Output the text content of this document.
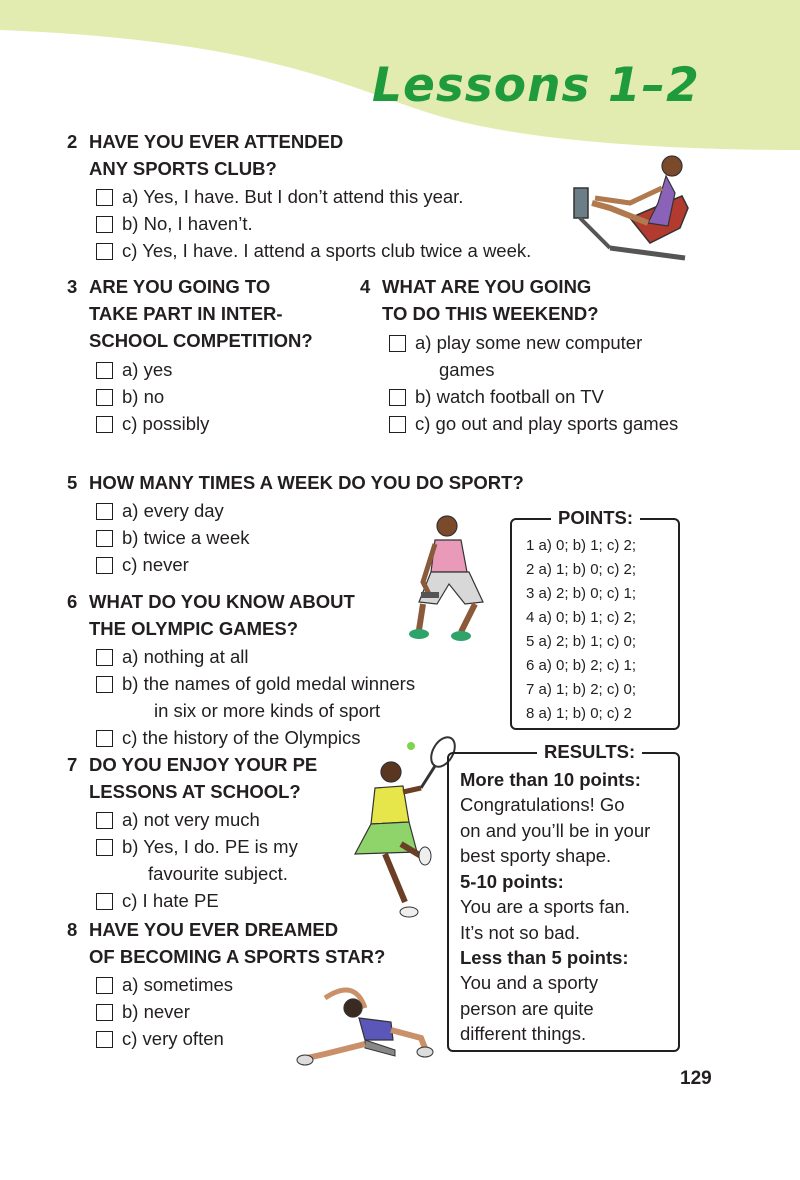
Lessons 1–2
2 HAVE YOU EVER ATTENDED
ANY SPORTS CLUB?
a) Yes, I have. But I don’t attend this year.
b) No, I haven’t.
c) Yes, I have. I attend a sports club twice a week.
3 ARE YOU GOING TO
TAKE PART IN INTER-
SCHOOL COMPETITION?
a) yes
b) no
c) possibly
4 WHAT ARE YOU GOING
TO DO THIS WEEKEND?
a) play some new computer
games
b) watch football on TV
c) go out and play sports games
5 HOW MANY TIMES A WEEK DO YOU DO SPORT?
a) every day
b) twice a week
c) never
6 WHAT DO YOU KNOW ABOUT
THE OLYMPIC GAMES?
a) nothing at all
b) the names of gold medal winners
in six or more kinds of sport
c) the history of the Olympics
7 DO YOU ENJOY YOUR PE
LESSONS AT SCHOOL?
a) not very much
b) Yes, I do. PE is my
favourite subject.
c) I hate PE
8 HAVE YOU EVER DREAMED
OF BECOMING A SPORTS STAR?
a) sometimes
b) never
c) very often
POINTS:
1 a) 0; b) 1; c) 2;
2 a) 1; b) 0; c) 2;
3 a) 2; b) 0; c) 1;
4 a) 0; b) 1; c) 2;
5 a) 2; b) 1; c) 0;
6 a) 0; b) 2; c) 1;
7 a) 1; b) 2; c) 0;
8 a) 1; b) 0; c) 2
RESULTS:
More than 10 points:
Congratulations! Go
on and you’ll be in your
best sporty shape.
5-10 points:
You are a sports fan.
It’s not so bad.
Less than 5 points:
You and a sporty
person are quite
different things.
129
